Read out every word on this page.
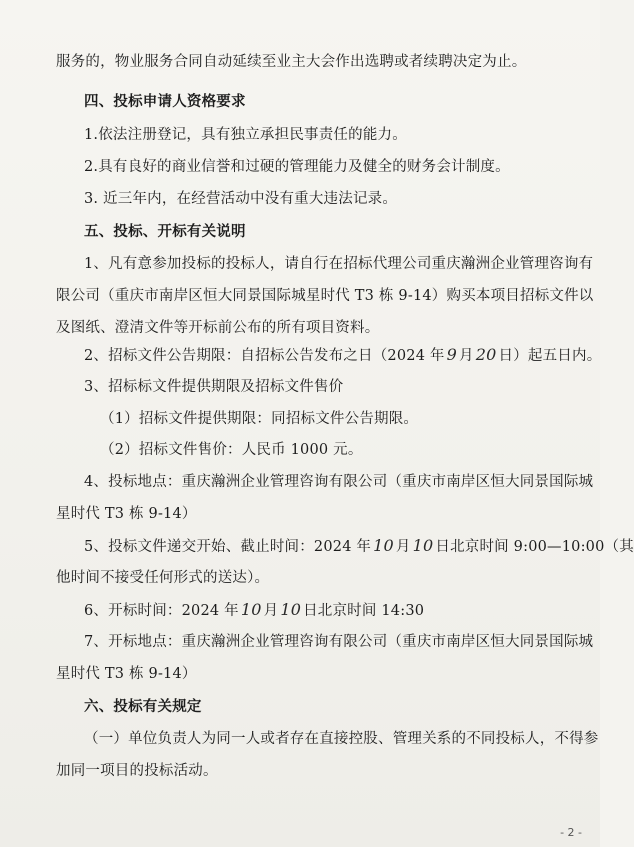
服务的，物业服务合同自动延续至业主大会作出选聘或者续聘决定为止。
四、投标申请人资格要求
1.依法注册登记，具有独立承担民事责任的能力。
2.具有良好的商业信誉和过硬的管理能力及健全的财务会计制度。
3. 近三年内，在经营活动中没有重大违法记录。
五、投标、开标有关说明
1、凡有意参加投标的投标人，请自行在招标代理公司重庆瀚洲企业管理咨询有
限公司（重庆市南岸区恒大同景国际城星时代 T3 栋 9-14）购买本项目招标文件以
及图纸、澄清文件等开标前公布的所有项目资料。
2、招标文件公告期限：自招标公告发布之日（2024 年 9 月 20 日）起五日内。
3、招标标文件提供期限及招标文件售价
（1）招标文件提供期限：同招标文件公告期限。
（2）招标文件售价：人民币 1000 元。
4、投标地点：重庆瀚洲企业管理咨询有限公司（重庆市南岸区恒大同景国际城
星时代 T3 栋 9-14）
5、投标文件递交开始、截止时间：2024 年 10 月 10 日北京时间 9:00—10:00（其
他时间不接受任何形式的送达）。
6、开标时间：2024 年 10 月 10 日北京时间 14:30
7、开标地点：重庆瀚洲企业管理咨询有限公司（重庆市南岸区恒大同景国际城
星时代 T3 栋 9-14）
六、投标有关规定
（一）单位负责人为同一人或者存在直接控股、管理关系的不同投标人，不得参
加同一项目的投标活动。
- 2 -
